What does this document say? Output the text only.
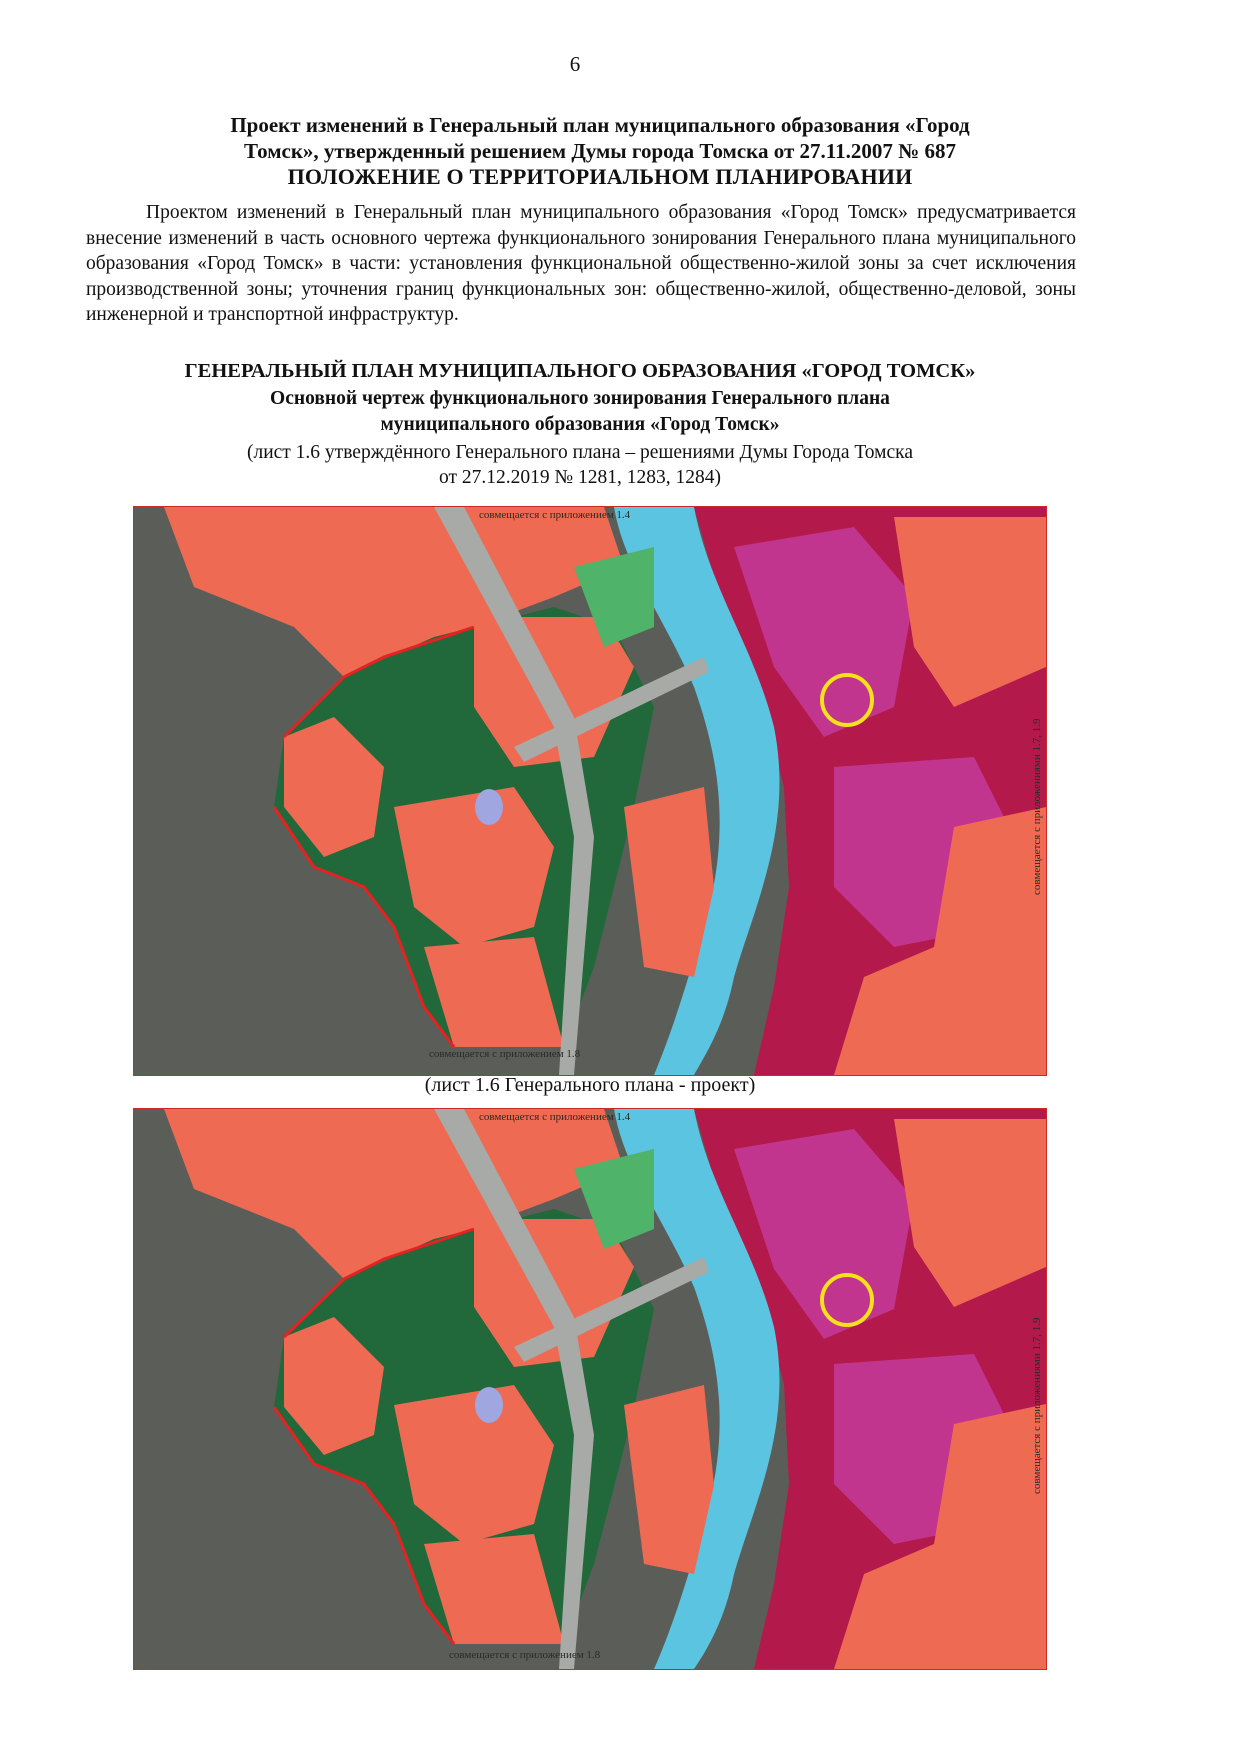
6
Проект изменений в Генеральный план муниципального образования «Город
Томск», утвержденный решением Думы города Томска от 27.11.2007 № 687
ПОЛОЖЕНИЕ О ТЕРРИТОРИАЛЬНОМ ПЛАНИРОВАНИИ
Проектом изменений в Генеральный план муниципального образования «Город Томск» предусматривается внесение изменений в часть основного чертежа функционального зонирования Генерального плана муниципального образования «Город Томск» в части: установления функциональной общественно-жилой зоны за счет исключения производственной зоны; уточнения границ функциональных зон: общественно-жилой, общественно-деловой, зоны инженерной и транспортной инфраструктур.
ГЕНЕРАЛЬНЫЙ ПЛАН МУНИЦИПАЛЬНОГО ОБРАЗОВАНИЯ «ГОРОД ТОМСК»
Основной чертеж функционального зонирования Генерального плана
муниципального образования «Город Томск»
(лист 1.6 утверждённого Генерального плана – решениями Думы Города Томска
от 27.12.2019 № 1281, 1283, 1284)
совмещается с приложением 1.4
совмещается с приложением 1.8
совмещается с приложениями 1.7, 1.9
(лист 1.6 Генерального плана - проект)
совмещается с приложением 1.4
совмещается с приложением 1.8
совмещается с приложениями 1.7, 1.9
